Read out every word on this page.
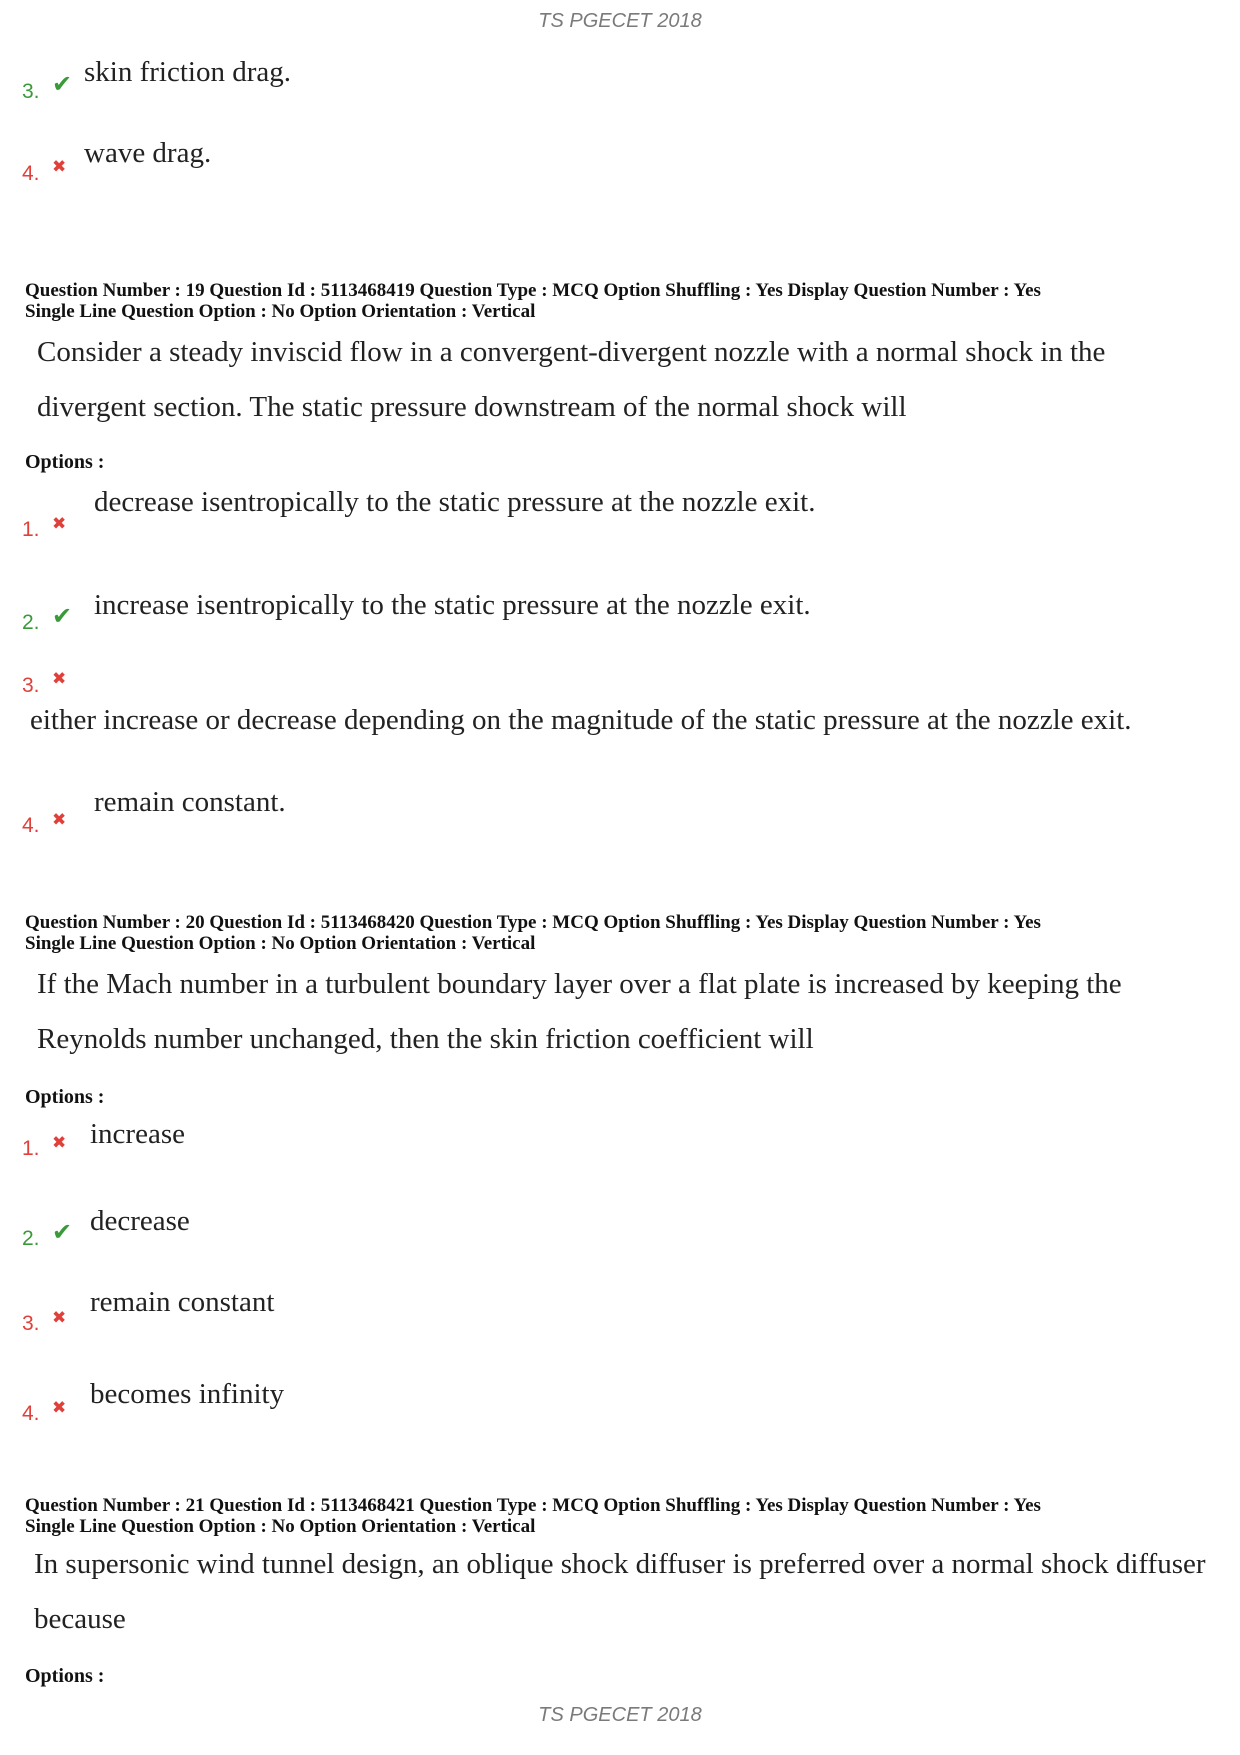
TS PGECET 2018
3. ✔ skin friction drag.
4. ✖ wave drag.
Question Number : 19 Question Id : 5113468419 Question Type : MCQ Option Shuffling : Yes Display Question Number : Yes
Single Line Question Option : No Option Orientation : Vertical
Consider a steady inviscid flow in a convergent-divergent nozzle with a normal shock in the divergent section. The static pressure downstream of the normal shock will
Options :
1. ✖
decrease isentropically to the static pressure at the nozzle exit.
2. ✔ increase isentropically to the static pressure at the nozzle exit.
3. ✖
either increase or decrease depending on the magnitude of the static pressure at the nozzle exit.
4. ✖
remain constant.
Question Number : 20 Question Id : 5113468420 Question Type : MCQ Option Shuffling : Yes Display Question Number : Yes
Single Line Question Option : No Option Orientation : Vertical
If the Mach number in a turbulent boundary layer over a flat plate is increased by keeping the Reynolds number unchanged, then the skin friction coefficient will
Options :
1. ✖ increase
2. ✔ decrease
3. ✖ remain constant
4. ✖ becomes infinity
Question Number : 21 Question Id : 5113468421 Question Type : MCQ Option Shuffling : Yes Display Question Number : Yes
Single Line Question Option : No Option Orientation : Vertical
In supersonic wind tunnel design, an oblique shock diffuser is preferred over a normal shock diffuser because
Options :
TS PGECET 2018
